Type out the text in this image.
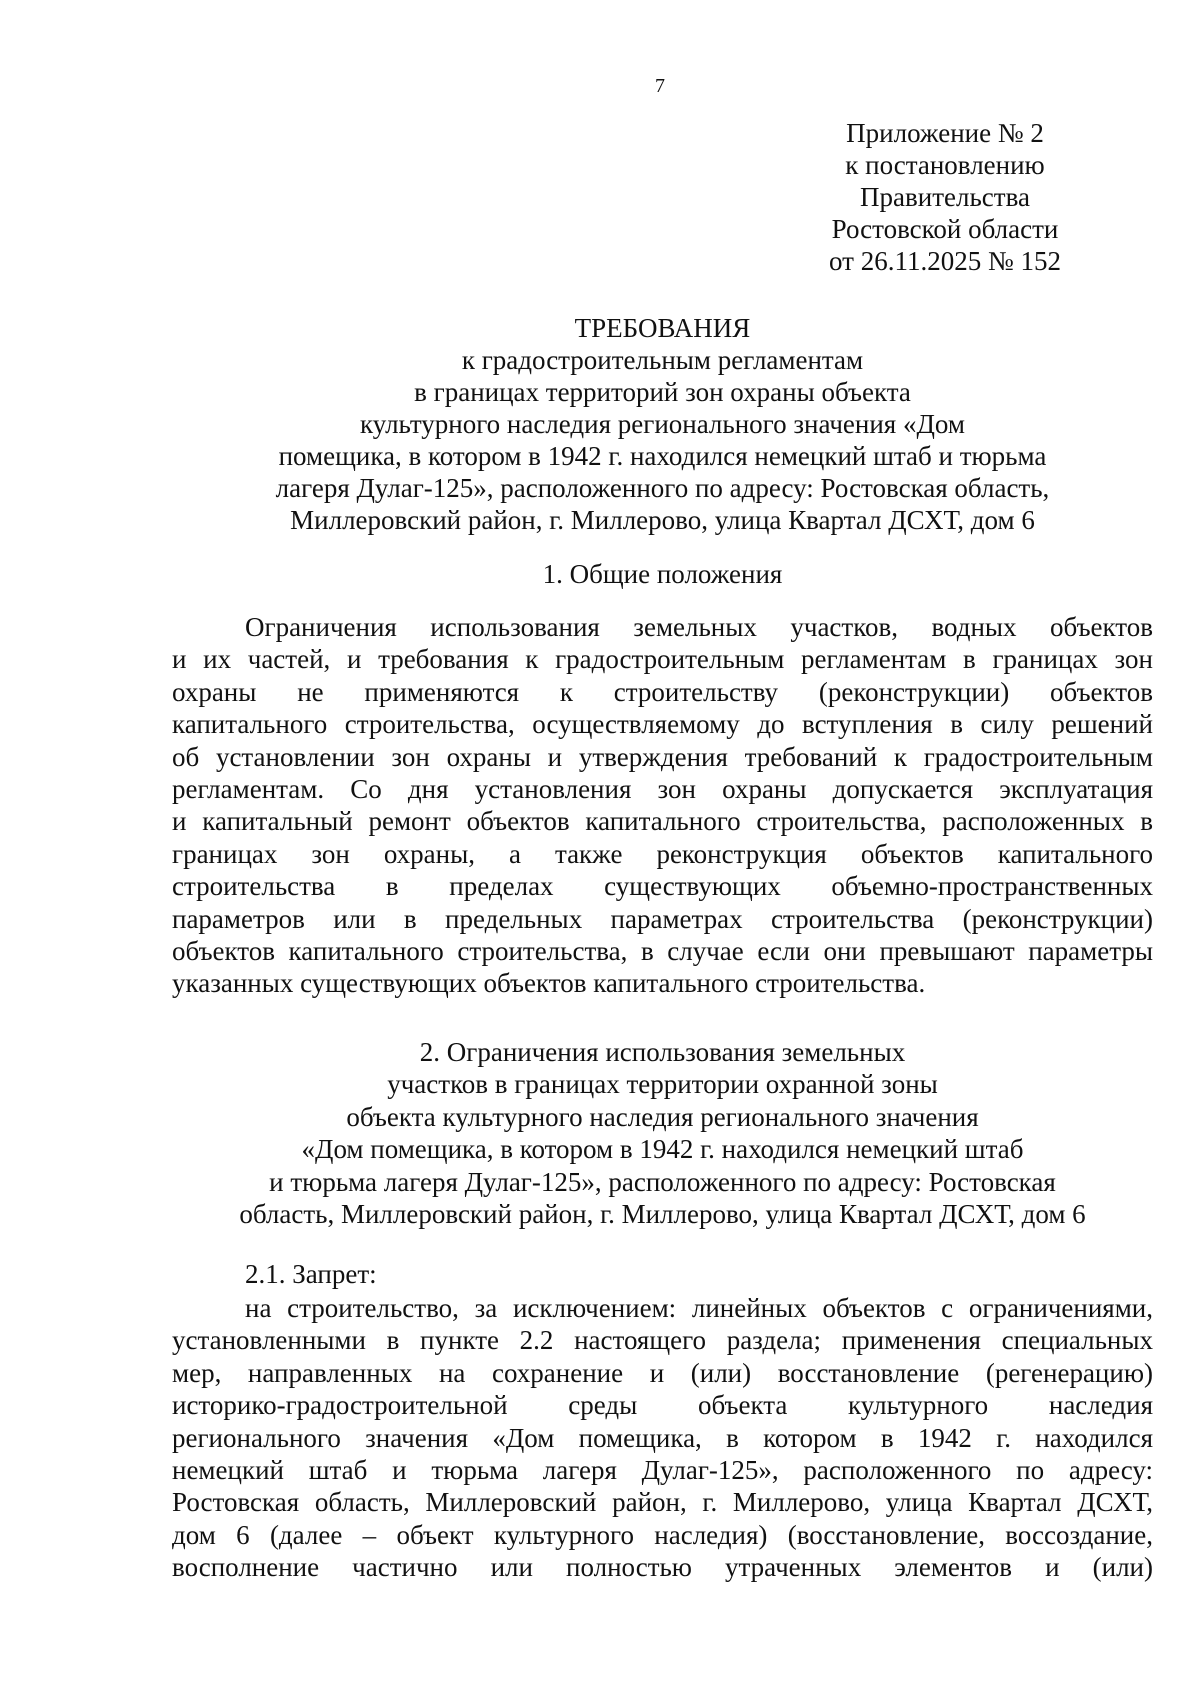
7
Приложение № 2
к постановлению
Правительства
Ростовской области
от 26.11.2025 № 152
ТРЕБОВАНИЯ
к градостроительным регламентам
в границах территорий зон охраны объекта
культурного наследия регионального значения «Дом
помещика, в котором в 1942 г. находился немецкий штаб и тюрьма
лагеря Дулаг-125», расположенного по адресу: Ростовская область,
Миллеровский район, г. Миллерово, улица Квартал ДСХТ, дом 6
1. Общие положения
Ограничения использования земельных участков, водных объектов
и их частей, и требования к градостроительным регламентам в границах зон
охраны не применяются к строительству (реконструкции) объектов
капитального строительства, осуществляемому до вступления в силу решений
об установлении зон охраны и утверждения требований к градостроительным
регламентам. Со дня установления зон охраны допускается эксплуатация
и капитальный ремонт объектов капитального строительства, расположенных в
границах зон охраны, а также реконструкция объектов капитального
строительства в пределах существующих объемно-пространственных
параметров или в предельных параметрах строительства (реконструкции)
объектов капитального строительства, в случае если они превышают параметры
указанных существующих объектов капитального строительства.
2. Ограничения использования земельных
участков в границах территории охранной зоны
объекта культурного наследия регионального значения
«Дом помещика, в котором в 1942 г. находился немецкий штаб
и тюрьма лагеря Дулаг-125», расположенного по адресу: Ростовская
область, Миллеровский район, г. Миллерово, улица Квартал ДСХТ, дом 6
2.1. Запрет:
на строительство, за исключением: линейных объектов с ограничениями,
установленными в пункте 2.2 настоящего раздела; применения специальных
мер, направленных на сохранение и (или) восстановление (регенерацию)
историко-градостроительной среды объекта культурного наследия
регионального значения «Дом помещика, в котором в 1942 г. находился
немецкий штаб и тюрьма лагеря Дулаг-125», расположенного по адресу:
Ростовская область, Миллеровский район, г. Миллерово, улица Квартал ДСХТ,
дом 6 (далее – объект культурного наследия) (восстановление, воссоздание,
восполнение частично или полностью утраченных элементов и (или)
